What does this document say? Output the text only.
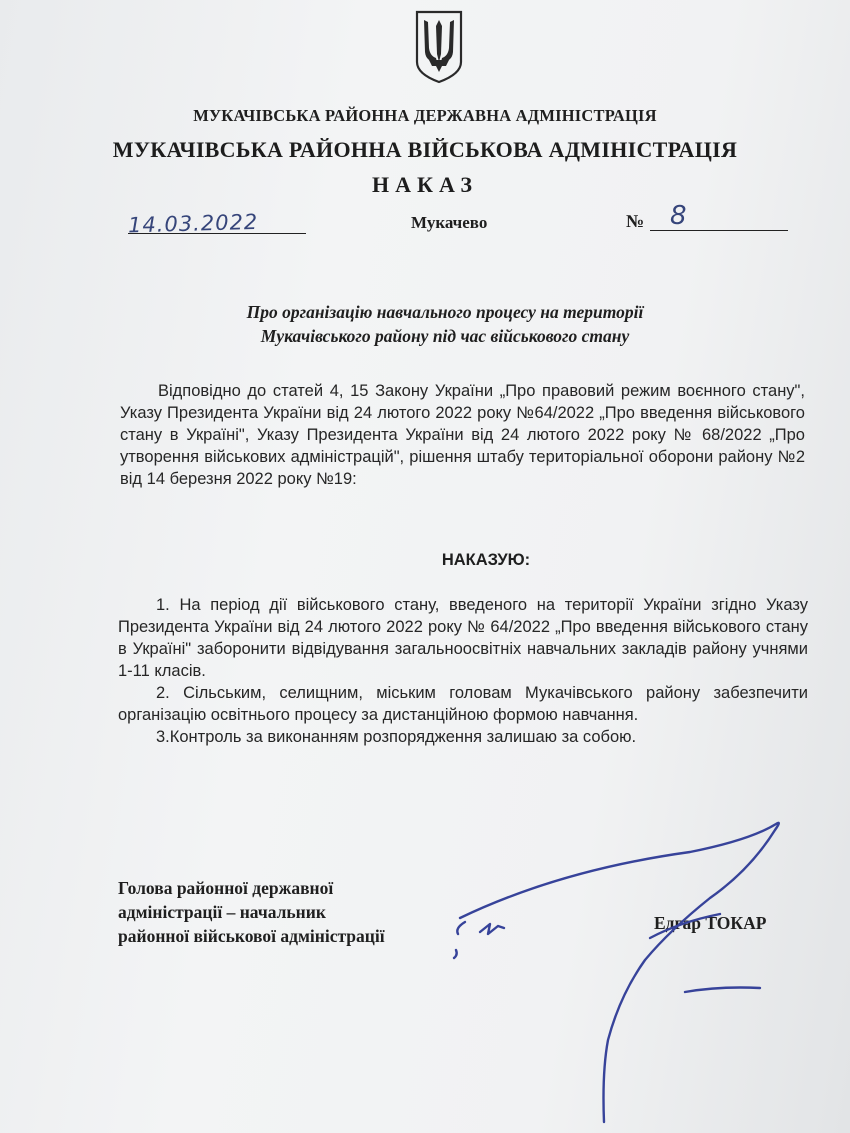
МУКАЧІВСЬКА РАЙОННА ДЕРЖАВНА АДМІНІСТРАЦІЯ
МУКАЧІВСЬКА РАЙОННА ВІЙСЬКОВА АДМІНІСТРАЦІЯ
НАКАЗ
14.03.2022	Мукачево	№ 8
Про організацію навчального процесу на території
Мукачівського району під час військового стану

Відповідно до статей 4, 15 Закону України „Про правовий режим воєнного стану", Указу Президента України від 24 лютого 2022 року №64/2022 „Про введення військового стану в Україні", Указу Президента України від 24 лютого 2022 року № 68/2022 „Про утворення військових адміністрацій", рішення штабу територіальної оборони району №2 від 14 березня 2022 року №19:

НАКАЗУЮ:

1. На період дії військового стану, введеного на території України згідно Указу Президента України від 24 лютого 2022 року № 64/2022 „Про введення військового стану в Україні" заборонити відвідування загальноосвітніх навчальних закладів району учнями 1-11 класів.

2. Сільським, селищним, міським головам Мукачівського району забезпечити організацію освітнього процесу за дистанційною формою навчання.

3.Контроль за виконанням розпорядження залишаю за собою.

Голова районної державної
адміністрації – начальник
районної військової адміністрації
Едгар ТОКАР
